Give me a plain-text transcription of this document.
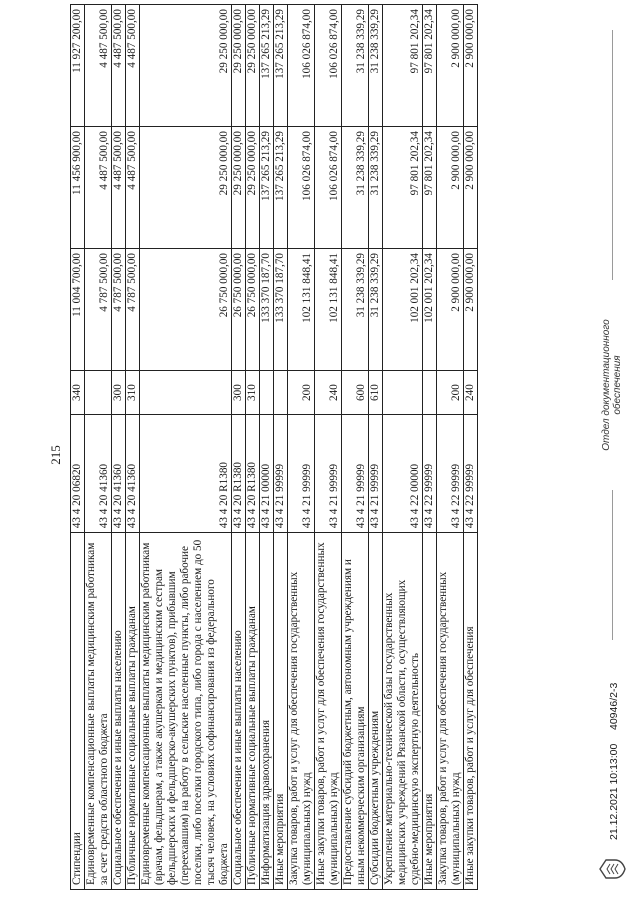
215
Стипендии	43 4 20 06820	340	11 004 700,00	11 456 900,00	11 927 200,00
Единовременные компенсационные выплаты медицинским работникам за счет средств областного бюджета	43 4 20 41360		4 787 500,00	4 487 500,00	4 487 500,00
Социальное обеспечение и иные выплаты населению	43 4 20 41360	300	4 787 500,00	4 487 500,00	4 487 500,00
Публичные нормативные социальные выплаты гражданам	43 4 20 41360	310	4 787 500,00	4 487 500,00	4 487 500,00
Единовременные компенсационные выплаты медицинским работникам (врачам, фельдшерам, а также акушеркам и медицинским сестрам фельдшерских и фельдшерско-акушерских пунктов), прибывшим (переехавшим) на работу в сельские населенные пункты, либо рабочие поселки, либо поселки городского типа, либо города с населением до 50 тысяч человек, на условиях софинансирования из федерального бюджета	43 4 20 R1380		26 750 000,00	29 250 000,00	29 250 000,00
Социальное обеспечение и иные выплаты населению	43 4 20 R1380	300	26 750 000,00	29 250 000,00	29 250 000,00
Публичные нормативные социальные выплаты гражданам	43 4 20 R1380	310	26 750 000,00	29 250 000,00	29 250 000,00
Информатизация здравоохранения	43 4 21 00000		133 370 187,70	137 265 213,29	137 265 213,29
Иные мероприятия	43 4 21 99999		133 370 187,70	137 265 213,29	137 265 213,29
Закупка товаров, работ и услуг для обеспечения государственных (муниципальных) нужд	43 4 21 99999	200	102 131 848,41	106 026 874,00	106 026 874,00
Иные закупки товаров, работ и услуг для обеспечения государственных (муниципальных) нужд	43 4 21 99999	240	102 131 848,41	106 026 874,00	106 026 874,00
Предоставление субсидий бюджетным, автономным учреждениям и иным некоммерческим организациям	43 4 21 99999	600	31 238 339,29	31 238 339,29	31 238 339,29
Субсидии бюджетным учреждениям	43 4 21 99999	610	31 238 339,29	31 238 339,29	31 238 339,29
Укрепление материально-технической базы государственных медицинских учреждений Рязанской области, осуществляющих судебно-медицинскую экспертную деятельность	43 4 22 00000		102 001 202,34	97 801 202,34	97 801 202,34
Иные мероприятия	43 4 22 99999		102 001 202,34	97 801 202,34	97 801 202,34
Закупка товаров, работ и услуг для обеспечения государственных (муниципальных) нужд	43 4 22 99999	200	2 900 000,00	2 900 000,00	2 900 000,00
Иные закупки товаров, работ и услуг для обеспечения	43 4 22 99999	240	2 900 000,00	2 900 000,00	2 900 000,00
21.12.2021 10:13:00
40946/2-3
Отдел документационного обеспечения
